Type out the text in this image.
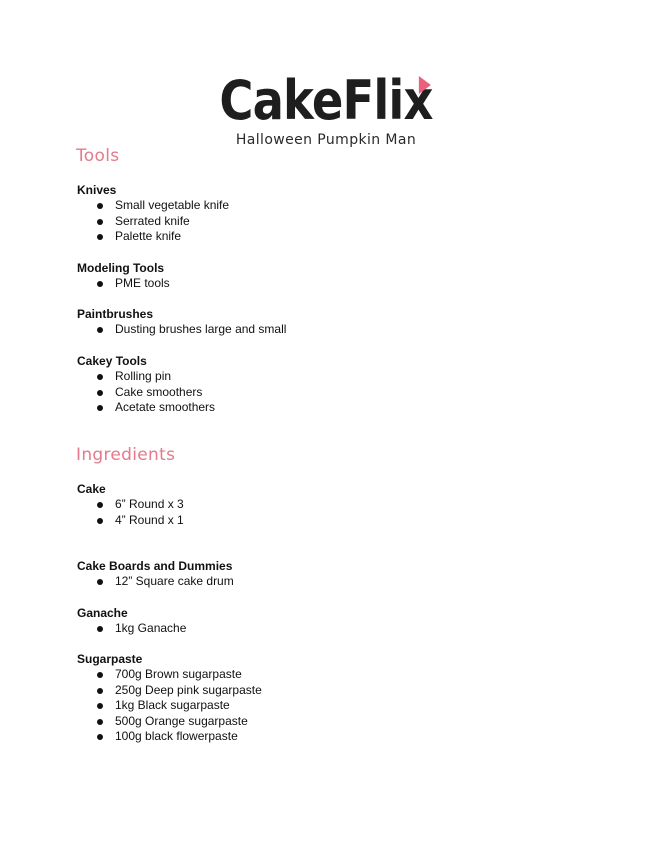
CakeFlix
Halloween Pumpkin Man
Tools
Knives
Small vegetable knife
Serrated knife
Palette knife
Modeling Tools
PME tools
Paintbrushes
Dusting brushes large and small
Cakey Tools
Rolling pin
Cake smoothers
Acetate smoothers
Ingredients
Cake
6” Round x 3
4” Round x 1
Cake Boards and Dummies
12” Square cake drum
Ganache
1kg Ganache
Sugarpaste
700g Brown sugarpaste
250g Deep pink sugarpaste
1kg Black sugarpaste
500g Orange sugarpaste
100g black flowerpaste
